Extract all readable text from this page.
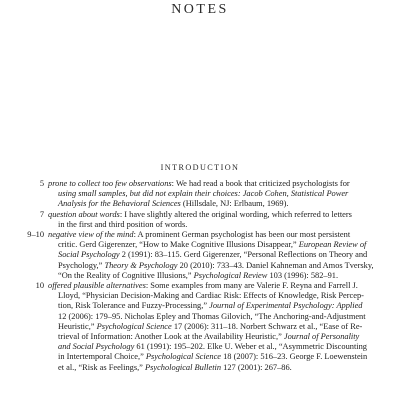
NOTES
INTRODUCTION
5 prone to collect too few observations: We had read a book that criticized psychologists for
using small samples, but did not explain their choices: Jacob Cohen, Statistical Power
Analysis for the Behavioral Sciences (Hillsdale, NJ: Erlbaum, 1969).
7 question about words: I have slightly altered the original wording, which referred to letters
in the first and third position of words.
9–10 negative view of the mind: A prominent German psychologist has been our most persistent
critic. Gerd Gigerenzer, “How to Make Cognitive Illusions Disappear,” European Review of
Social Psychology 2 (1991): 83–115. Gerd Gigerenzer, “Personal Reflections on Theory and
Psychology,” Theory & Psychology 20 (2010): 733–43. Daniel Kahneman and Amos Tversky,
“On the Reality of Cognitive Illusions,” Psychological Review 103 (1996): 582–91.
10 offered plausible alternatives: Some examples from many are Valerie F. Reyna and Farrell J.
Lloyd, “Physician Decision-Making and Cardiac Risk: Effects of Knowledge, Risk Percep-
tion, Risk Tolerance and Fuzzy-Processing,” Journal of Experimental Psychology: Applied
12 (2006): 179–95. Nicholas Epley and Thomas Gilovich, “The Anchoring-and-Adjustment
Heuristic,” Psychological Science 17 (2006): 311–18. Norbert Schwarz et al., “Ease of Re-
trieval of Information: Another Look at the Availability Heuristic,” Journal of Personality
and Social Psychology 61 (1991): 195–202. Elke U. Weber et al., “Asymmetric Discounting
in Intertemporal Choice,” Psychological Science 18 (2007): 516–23. George F. Loewenstein
et al., “Risk as Feelings,” Psychological Bulletin 127 (2001): 267–86.
